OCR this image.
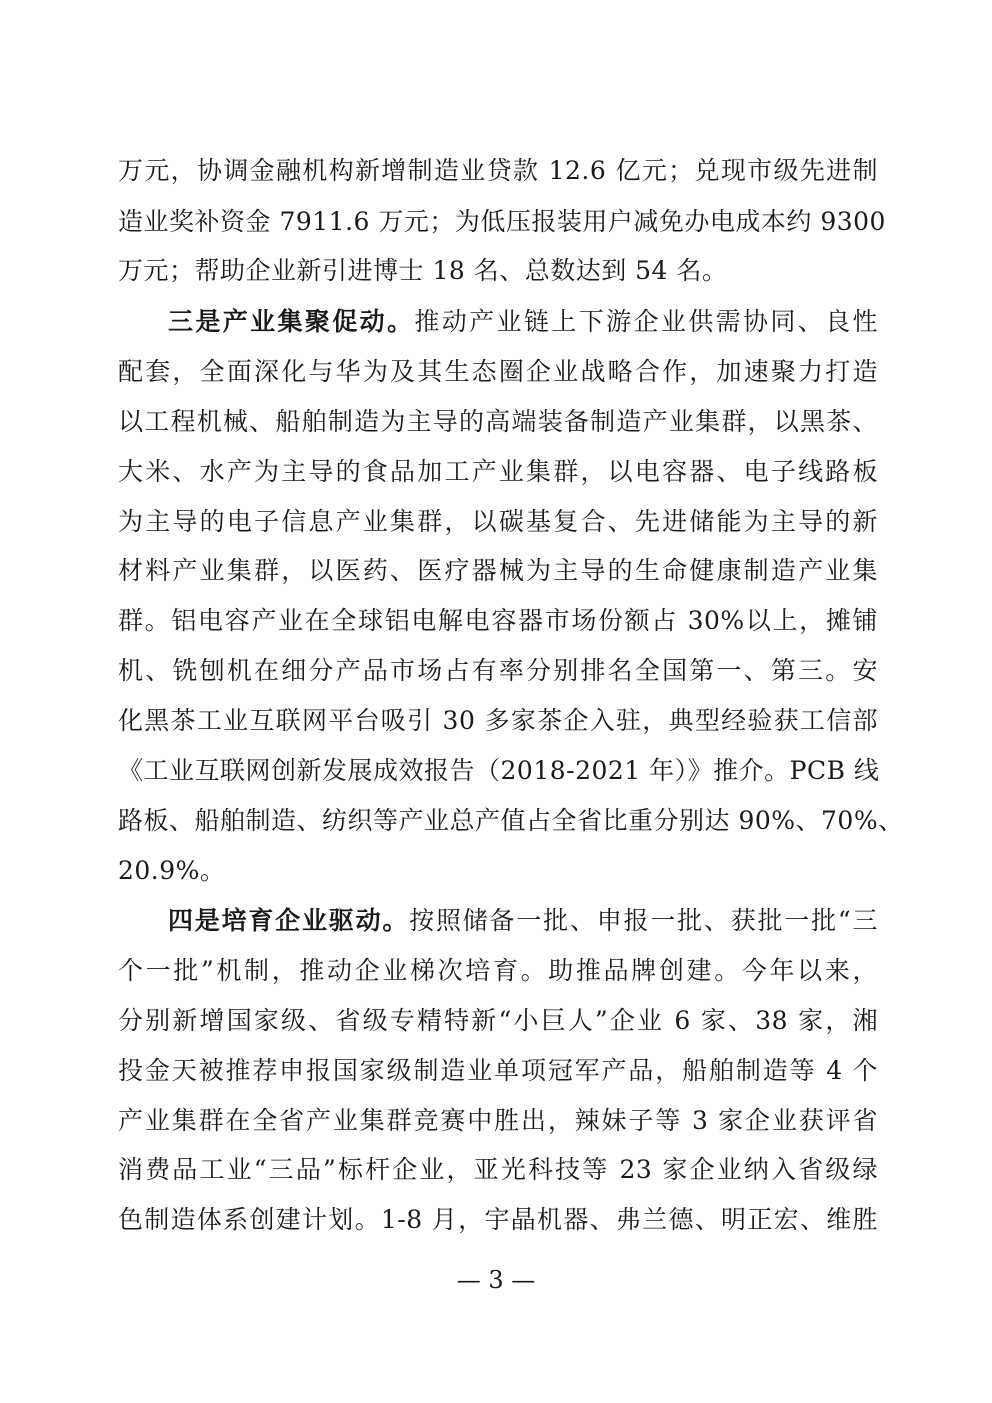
万元，协调金融机构新增制造业贷款 12.6 亿元；兑现市级先进制
造业奖补资金 7911.6 万元；为低压报装用户减免办电成本约 9300
万元；帮助企业新引进博士 18 名、总数达到 54 名。
三是产业集聚促动。推动产业链上下游企业供需协同、良性
配套，全面深化与华为及其生态圈企业战略合作，加速聚力打造
以工程机械、船舶制造为主导的高端装备制造产业集群，以黑茶、
大米、水产为主导的食品加工产业集群，以电容器、电子线路板
为主导的电子信息产业集群，以碳基复合、先进储能为主导的新
材料产业集群，以医药、医疗器械为主导的生命健康制造产业集
群。铝电容产业在全球铝电解电容器市场份额占 30%以上，摊铺
机、铣刨机在细分产品市场占有率分别排名全国第一、第三。安
化黑茶工业互联网平台吸引 30 多家茶企入驻，典型经验获工信部
《工业互联网创新发展成效报告（2018-2021 年）》推介。PCB 线
路板、船舶制造、纺织等产业总产值占全省比重分别达 90%、70%、
20.9%。
四是培育企业驱动。按照储备一批、申报一批、获批一批“三
个一批”机制，推动企业梯次培育。助推品牌创建。今年以来，
分别新增国家级、省级专精特新“小巨人”企业 6 家、38 家，湘
投金天被推荐申报国家级制造业单项冠军产品，船舶制造等 4 个
产业集群在全省产业集群竞赛中胜出，辣妹子等 3 家企业获评省
消费品工业“三品”标杆企业，亚光科技等 23 家企业纳入省级绿
色制造体系创建计划。1-8 月，宇晶机器、弗兰德、明正宏、维胜
— 3 —
